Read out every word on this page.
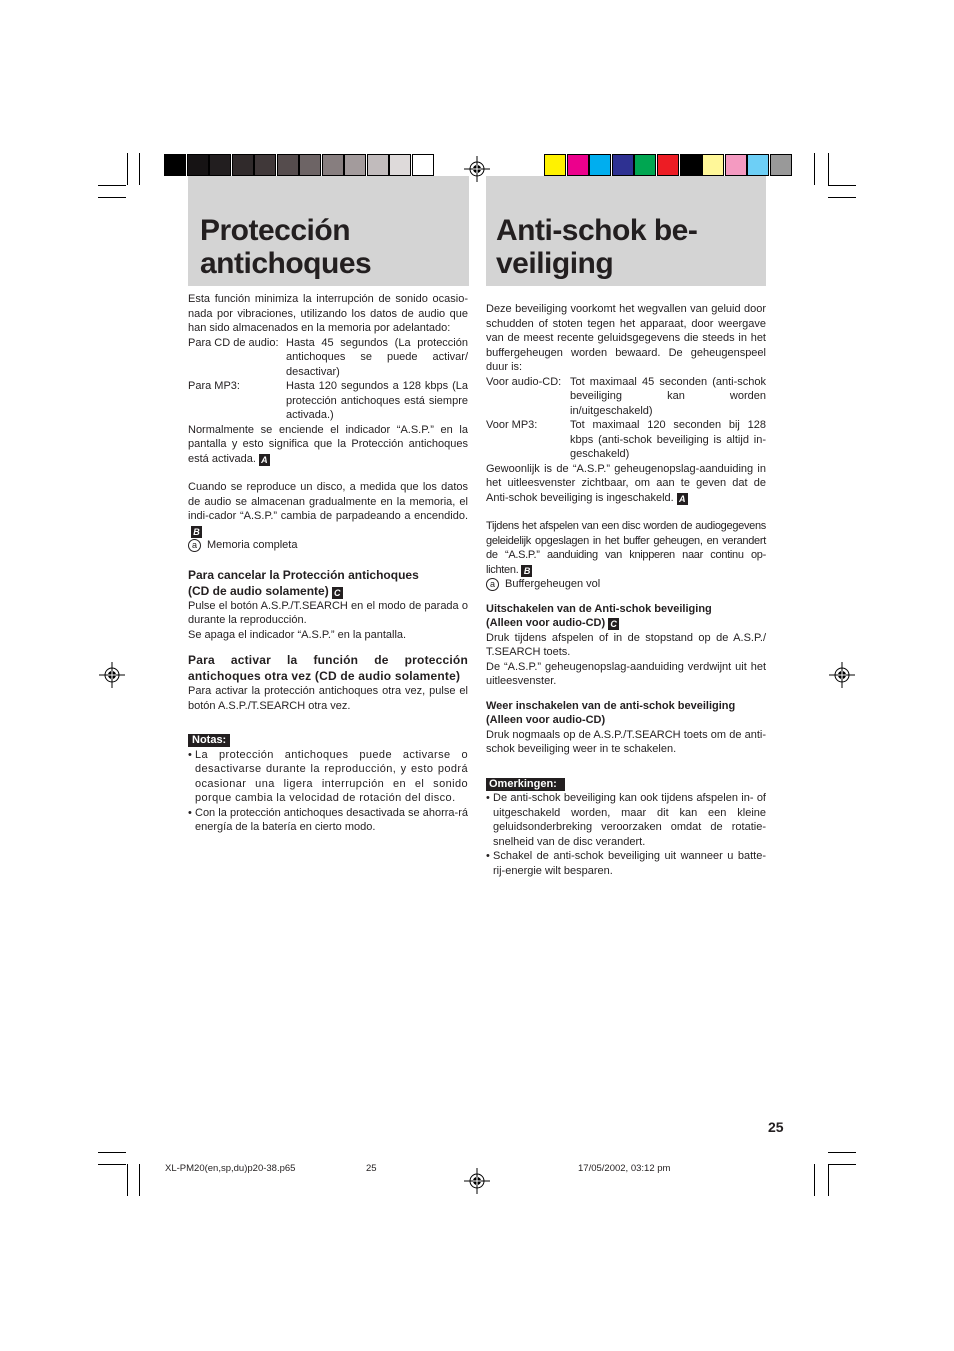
Protección
antichoques
Anti-schok be-
veiliging

Esta función minimiza la interrupción de sonido ocasio-nada por vibraciones, utilizando los datos de audio que han sido almacenados en la memoria por adelantado:

Para CD de audio: Hasta 45 segundos (La protección antichoques se puede activar/ desactivar)
Para MP3:	Hasta 120 segundos a 128 kbps (La protección antichoques está siempre activada.)

Normalmente se enciende el indicador “A.S.P.” en la pantalla y esto significa que la Protección antichoques está activada. A

Cuando se reproduce un disco, a medida que los datos de audio se almacenan gradualmente en la memoria, el indi-cador “A.S.P.” cambia de parpadeando a encendido.B

a Memoria completa
Para cancelar la Protección antichoques
(CD de audio solamente) C

Pulse el botón A.S.P./T.SEARCH en el modo de parada o durante la reproducción.

Se apaga el indicador “A.S.P.” en la pantalla.

Para activar la función de protección antichoques otra vez (CD de audio solamente)

Para activar la protección antichoques otra vez, pulse el botón A.S.P./T.SEARCH otra vez.

Notas:
• La protección antichoques puede activarse o desactivarse durante la reproducción, y esto podrá ocasionar una ligera interrupción en el sonido porque cambia la velocidad de rotación del disco.
• Con la protección antichoques desactivada se ahorra-rá energía de la batería en cierto modo.

Deze beveiliging voorkomt het wegvallen van geluid door schudden of stoten tegen het apparaat, door weergave van de meest recente geluidsgegevens die steeds in het buffergeheugen worden bewaard. De geheugenspeel duur is:

Voor audio-CD: Tot maximaal 45 seconden (anti-schok beveiliging kan worden in/uitgeschakeld)
Voor MP3:	Tot maximaal 120 seconden bij 128 kbps (anti-schok beveiliging is altijd in-geschakeld)

Gewoonlijk is de “A.S.P.” geheugenopslag-aanduiding in het uitleesvenster zichtbaar, om aan te geven dat de Anti-schok beveiliging is ingeschakeld. A

Tijdens het afspelen van een disc worden de audiogegevens geleidelijk opgeslagen in het buffer geheugen, en verandert de “A.S.P.” aanduiding van knipperen naar continu op-lichten. B

a Buffergeheugen vol
Uitschakelen van de Anti-schok beveiliging
(Alleen voor audio-CD) C

Druk tijdens afspelen of in de stopstand op de A.S.P./ T.SEARCH toets.

De “A.S.P.” geheugenopslag-aanduiding verdwijnt uit het uitleesvenster.

Weer inschakelen van de anti-schok beveiliging
(Alleen voor audio-CD)

Druk nogmaals op de A.S.P./T.SEARCH toets om de anti-schok beveiliging weer in te schakelen.

Omerkingen:
• De anti-schok beveiliging kan ook tijdens afspelen in- of uitgeschakeld worden, maar dit kan een kleine geluidsonderbreking veroorzaken omdat de rotatie-snelheid van de disc verandert.
• Schakel de anti-schok beveiliging uit wanneer u batte-rij-energie wilt besparen.
25
XL-PM20(en,sp,du)p20-38.p65	25	17/05/2002, 03:12 pm
